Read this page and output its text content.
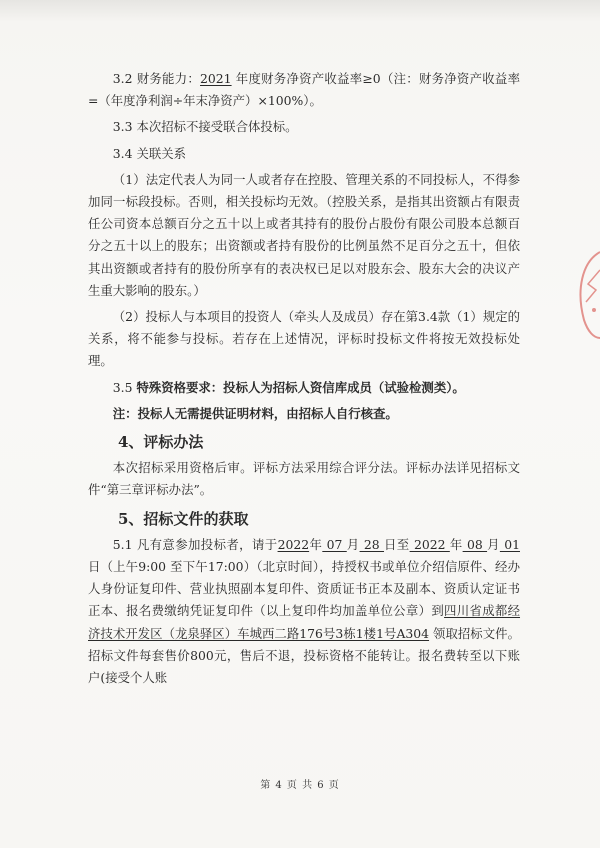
3.2 财务能力：2021 年度财务净资产收益率≥0（注：财务净资产收益率=（年度净利润÷年末净资产）×100%）。

3.3 本次招标不接受联合体投标。

3.4 关联关系

（1）法定代表人为同一人或者存在控股、管理关系的不同投标人，不得参加同一标段投标。否则，相关投标均无效。（控股关系，是指其出资额占有限责任公司资本总额百分之五十以上或者其持有的股份占股份有限公司股本总额百分之五十以上的股东；出资额或者持有股份的比例虽然不足百分之五十，但依其出资额或者持有的股份所享有的表决权已足以对股东会、股东大会的决议产生重大影响的股东。）

（2）投标人与本项目的投资人（牵头人及成员）存在第3.4款（1）规定的关系，将不能参与投标。若存在上述情况，评标时投标文件将按无效投标处理。

3.5 特殊资格要求：投标人为招标人资信库成员（试验检测类）。

注：投标人无需提供证明材料，由招标人自行核查。

4、评标办法

本次招标采用资格后审。评标方法采用综合评分法。评标办法详见招标文件“第三章评标办法”。

5、招标文件的获取

5.1 凡有意参加投标者，请于2022年 07 月 28 日至 2022 年 08 月 01 日（上午9:00 至下午17:00）（北京时间），持授权书或单位介绍信原件、经办人身份证复印件、营业执照副本复印件、资质证书正本及副本、资质认定证书正本、报名费缴纳凭证复印件（以上复印件均加盖单位公章）到四川省成都经济技术开发区（龙泉驿区）车城西二路176号3栋1楼1号A304 领取招标文件。招标文件每套售价800元，售后不退，投标资格不能转让。报名费转至以下账户(接受个人账

第 4 页 共 6 页
